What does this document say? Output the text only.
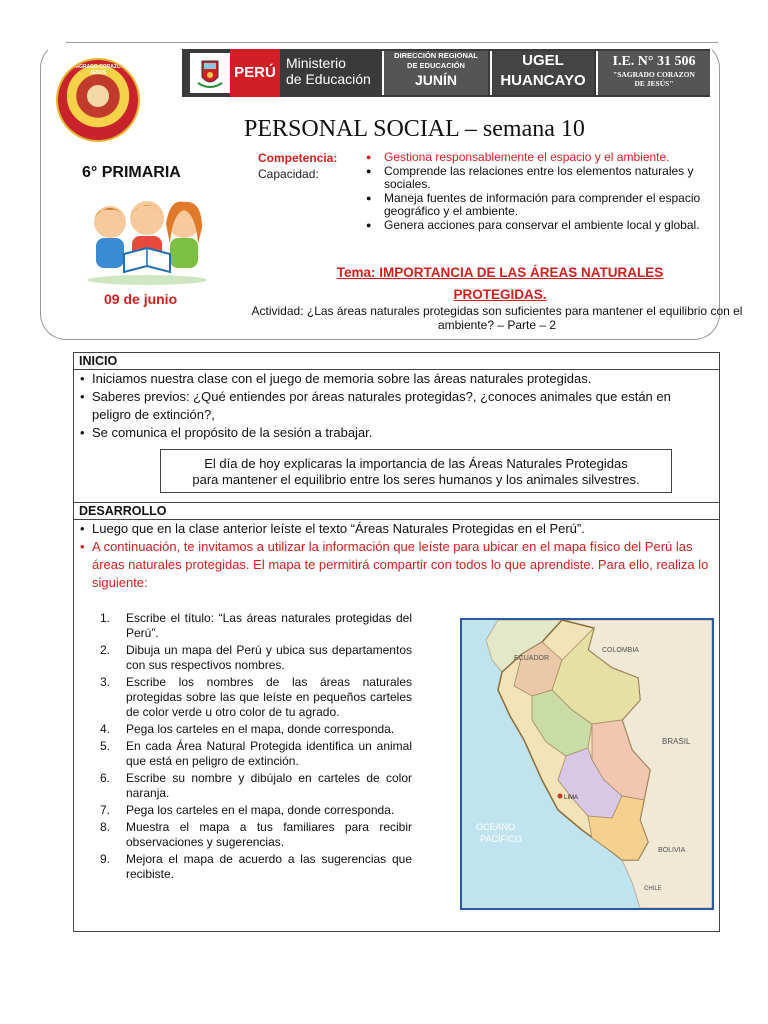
I.E. SAGRADO CORAZÓN DE JESÚS	PERÚ
Ministerio
de Educación
DIRECCIÓN REGIONAL
DE EDUCACIÓN
JUNÍN
UGEL
HUANCAYO
I.E. N° 31 506
"SAGRADO CORAZON
DE JESÚS"
PERSONAL SOCIAL – semana 10
6° PRIMARIA
09 de junio
Competencia:
Capacidad:
● Gestiona responsablemente el espacio y el ambiente.
● Comprende las relaciones entre los elementos naturales y sociales.
● Maneja fuentes de información para comprender el espacio geográfico y el ambiente.
● Genera acciones para conservar el ambiente local y global.
Tema: IMPORTANCIA DE LAS ÁREAS NATURALES
PROTEGIDAS.
Actividad: ¿Las áreas naturales protegidas son suficientes para mantener el equilibrio con el ambiente? – Parte – 2
INICIO
• Iniciamos nuestra clase con el juego de memoria sobre las áreas naturales protegidas.
• Saberes previos: ¿Qué entiendes por áreas naturales protegidas?, ¿conoces animales que están en peligro de extinción?,
• Se comunica el propósito de la sesión a trabajar.
El día de hoy explicaras la importancia de las Áreas Naturales Protegidas
para mantener el equilibrio entre los seres humanos y los animales silvestres.
DESARROLLO
• Luego que en la clase anterior leíste el texto “Áreas Naturales Protegidas en el Perú”.
• A continuación, te invitamos a utilizar la información que leíste para ubicar en el mapa físico del Perú las áreas naturales protegidas. El mapa te permitirá compartir con todos lo que aprendiste. Para ello, realiza lo siguiente:
1. Escribe el título: “Las áreas naturales protegidas del Perú”.
2. Dibuja un mapa del Perú y ubica sus departamentos con sus respectivos nombres.
3. Escribe los nombres de las áreas naturales protegidas sobre las que leíste en pequeños carteles de color verde u otro color de tu agrado.
4. Pega los carteles en el mapa, donde corresponda.
5. En cada Área Natural Protegida identifica un animal que está en peligro de extinción.
6. Escribe su nombre y dibújalo en carteles de color naranja.
7. Pega los carteles en el mapa, donde corresponda.
8. Muestra el mapa a tus familiares para recibir observaciones y sugerencias.
9. Mejora el mapa de acuerdo a las sugerencias que recibiste.
ECUADOR
COLOMBIA
BRASIL
OCEANO
PACÍFICO
BOLIVIA
CHILE
LIMA
